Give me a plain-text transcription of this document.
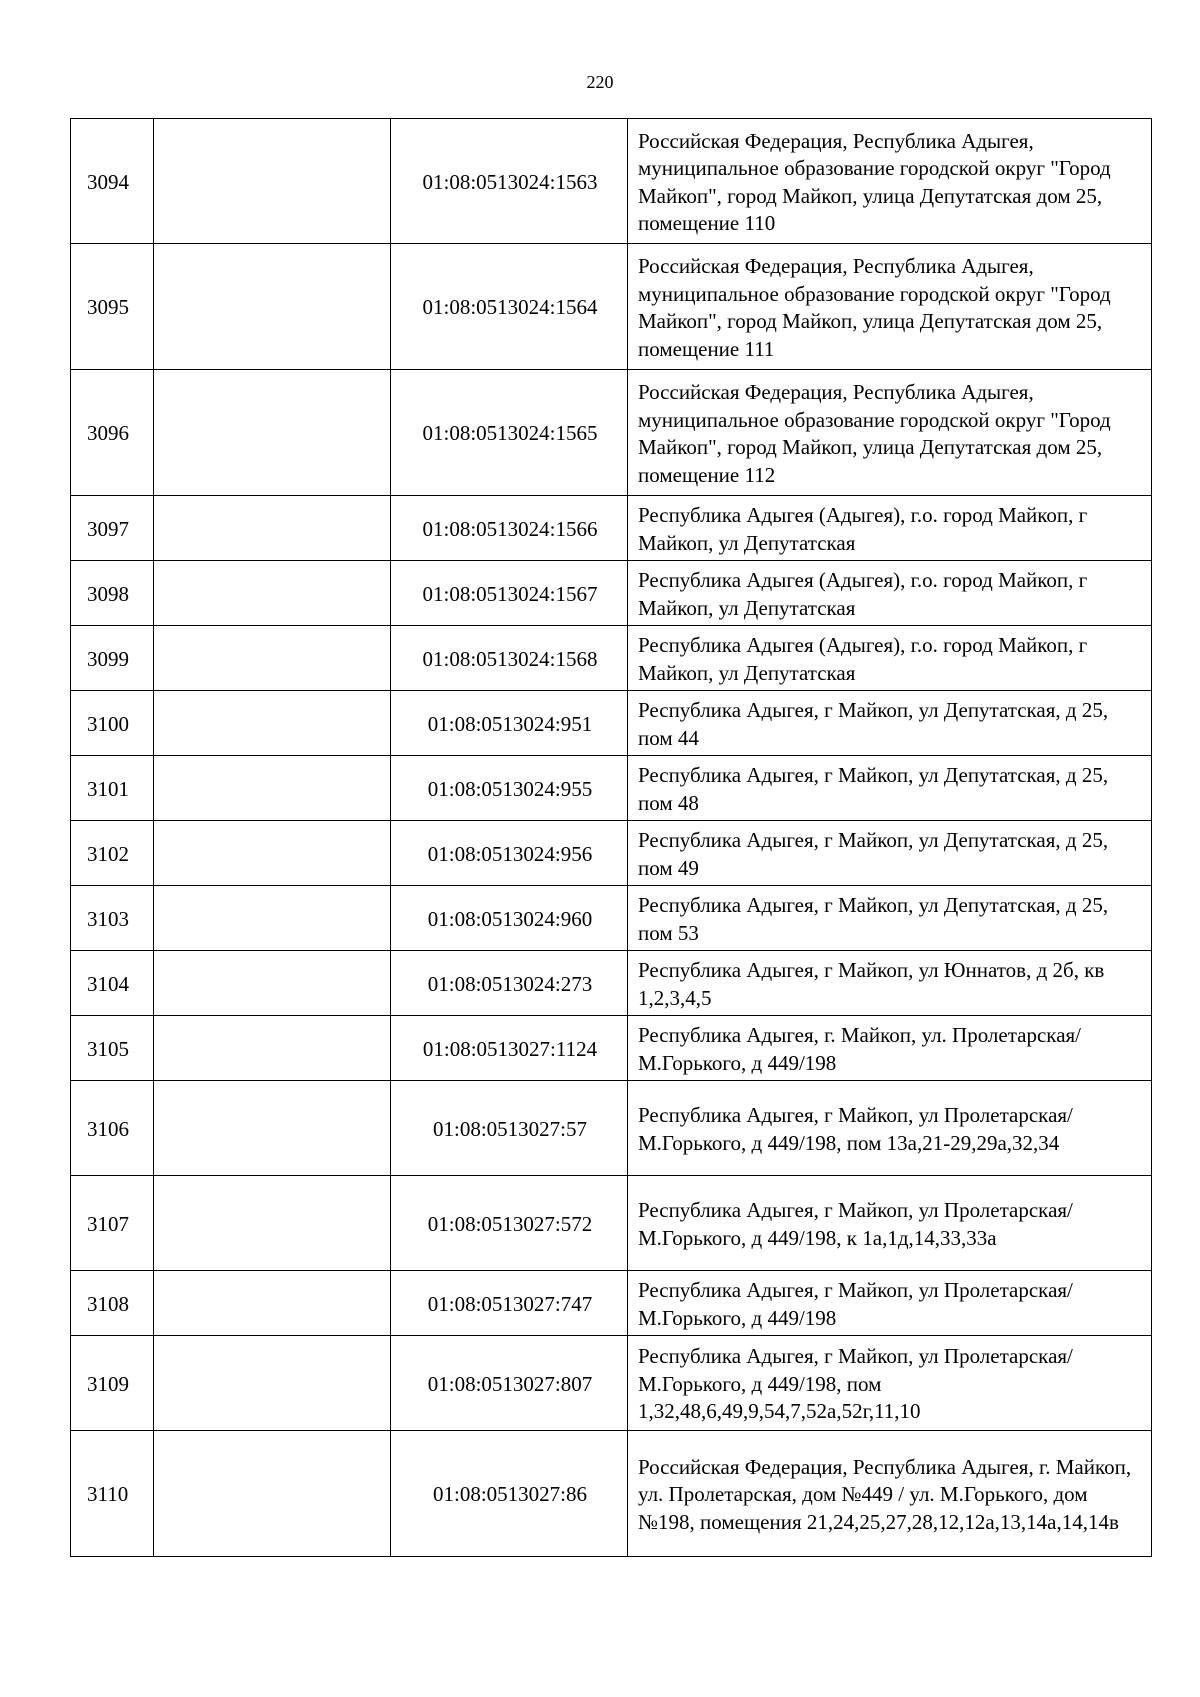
220
3094		01:08:0513024:1563	Российская Федерация, Республика Адыгея, муниципальное образование городской округ "Город Майкоп", город Майкоп, улица Депутатская дом 25, помещение 110
3095		01:08:0513024:1564	Российская Федерация, Республика Адыгея, муниципальное образование городской округ "Город Майкоп", город Майкоп, улица Депутатская дом 25, помещение 111
3096		01:08:0513024:1565	Российская Федерация, Республика Адыгея, муниципальное образование городской округ "Город Майкоп", город Майкоп, улица Депутатская дом 25, помещение 112
3097		01:08:0513024:1566	Республика Адыгея (Адыгея), г.о. город Майкоп, г Майкоп, ул Депутатская
3098		01:08:0513024:1567	Республика Адыгея (Адыгея), г.о. город Майкоп, г Майкоп, ул Депутатская
3099		01:08:0513024:1568	Республика Адыгея (Адыгея), г.о. город Майкоп, г Майкоп, ул Депутатская
3100		01:08:0513024:951	Республика Адыгея, г Майкоп, ул Депутатская, д 25, пом 44
3101		01:08:0513024:955	Республика Адыгея, г Майкоп, ул Депутатская, д 25, пом 48
3102		01:08:0513024:956	Республика Адыгея, г Майкоп, ул Депутатская, д 25, пом 49
3103		01:08:0513024:960	Республика Адыгея, г Майкоп, ул Депутатская, д 25, пом 53
3104		01:08:0513024:273	Республика Адыгея, г Майкоп, ул Юннатов, д 2б, кв 1,2,3,4,5
3105		01:08:0513027:1124	Республика Адыгея, г. Майкоп, ул. Пролетарская/М.Горького, д 449/198
3106		01:08:0513027:57	Республика Адыгея, г Майкоп, ул Пролетарская/М.Горького, д 449/198, пом 13а,21-29,29а,32,34
3107		01:08:0513027:572	Республика Адыгея, г Майкоп, ул Пролетарская/М.Горького, д 449/198, к 1а,1д,14,33,33а
3108		01:08:0513027:747	Республика Адыгея, г Майкоп, ул Пролетарская/М.Горького, д 449/198
3109		01:08:0513027:807	Республика Адыгея, г Майкоп, ул Пролетарская/М.Горького, д 449/198, пом 1,32,48,6,49,9,54,7,52а,52г,11,10
3110		01:08:0513027:86	Российская Федерация, Республика Адыгея, г. Майкоп, ул. Пролетарская, дом №449 / ул. М.Горького, дом №198, помещения 21,24,25,27,28,12,12а,13,14а,14,14в
